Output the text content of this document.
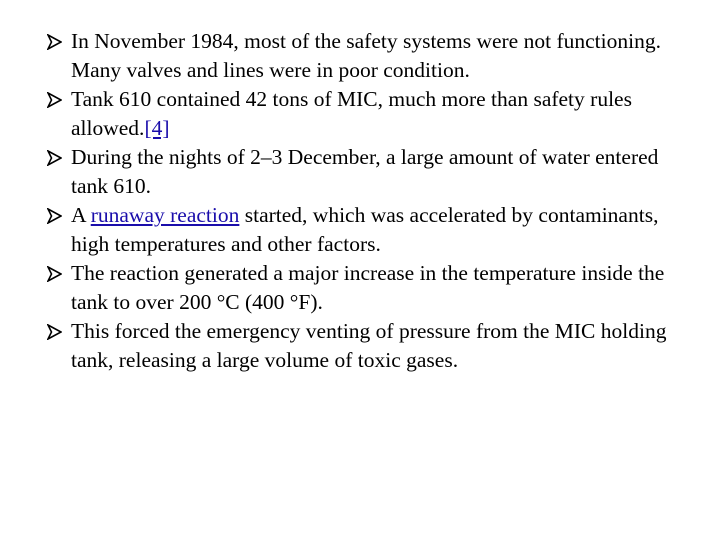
In November 1984, most of the safety systems were not functioning. Many valves and lines were in poor condition.
Tank 610 contained 42 tons of MIC, much more than safety rules allowed.[4]
During the nights of 2–3 December, a large amount of water entered tank 610.
A runaway reaction started, which was accelerated by contaminants, high temperatures and other factors.
The reaction generated a major increase in the temperature inside the tank to over 200 °C (400 °F).
This forced the emergency venting of pressure from the MIC holding tank, releasing a large volume of toxic gases.
